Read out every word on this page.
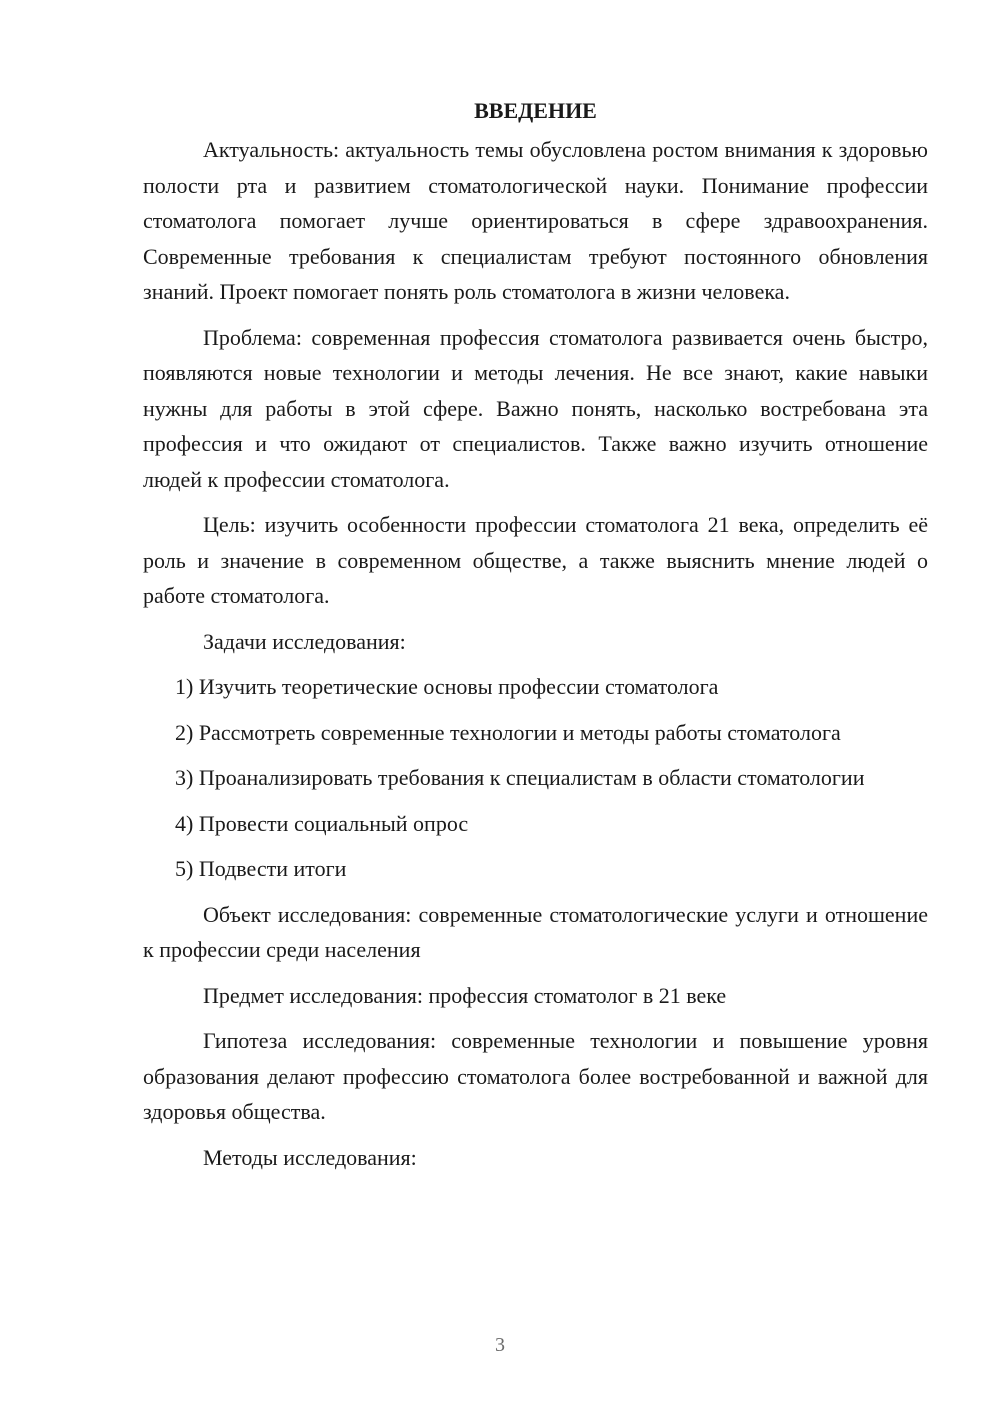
ВВЕДЕНИЕ

Актуальность: актуальность темы обусловлена ростом внимания к здоровью полости рта и развитием стоматологической науки. Понимание профессии стоматолога помогает лучше ориентироваться в сфере здравоохранения. Современные требования к специалистам требуют постоянного обновления знаний. Проект помогает понять роль стоматолога в жизни человека.

Проблема: современная профессия стоматолога развивается очень быстро, появляются новые технологии и методы лечения. Не все знают, какие навыки нужны для работы в этой сфере. Важно понять, насколько востребована эта профессия и что ожидают от специалистов. Также важно изучить отношение людей к профессии стоматолога.

Цель: изучить особенности профессии стоматолога 21 века, определить её роль и значение в современном обществе, а также выяснить мнение людей о работе стоматолога.

Задачи исследования:

1) Изучить теоретические основы профессии стоматолога

2) Рассмотреть современные технологии и методы работы стоматолога

3) Проанализировать требования к специалистам в области стоматологии

4) Провести социальный опрос

5) Подвести итоги

Объект исследования: современные стоматологические услуги и отношение к профессии среди населения

Предмет исследования: профессия стоматолог в 21 веке

Гипотеза исследования: современные технологии и повышение уровня образования делают профессию стоматолога более востребованной и важной для здоровья общества.

Методы исследования:

3
